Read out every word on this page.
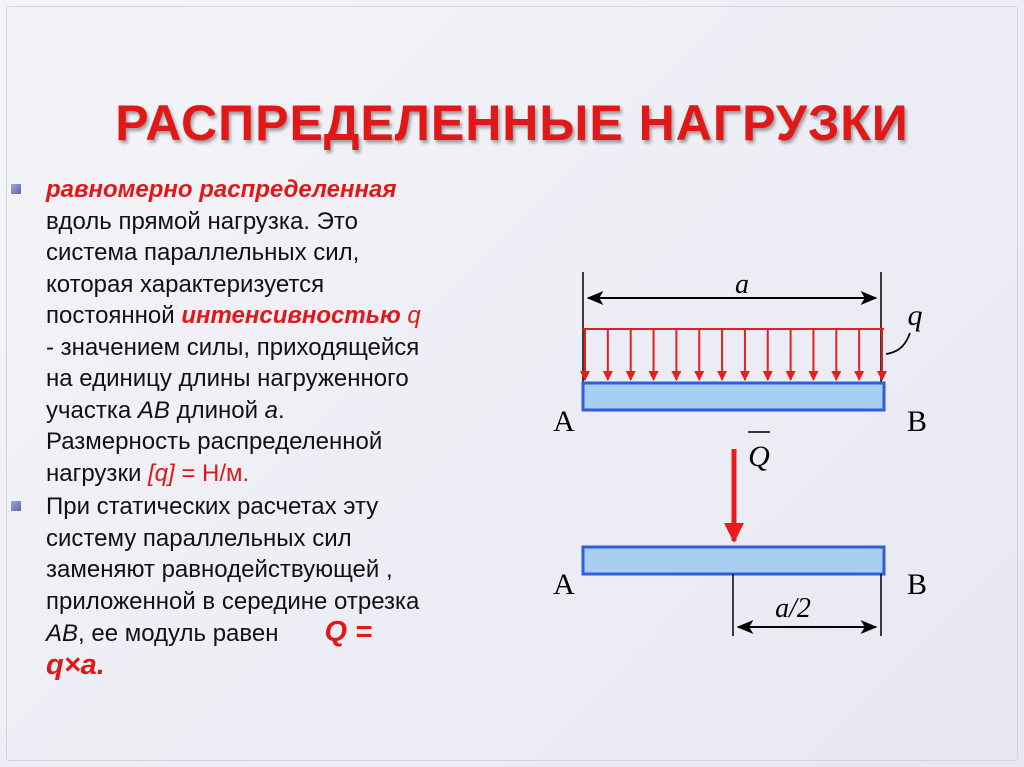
РАСПРЕДЕЛЕННЫЕ НАГРУЗКИ
равномерно распределенная
вдоль прямой нагрузка. Это
система параллельных сил,
которая характеризуется
постоянной интенсивностью q
- значением силы, приходящейся
на единицу длины нагруженного
участка AB длиной a.
Размерность распределенной
нагрузки [q] = Н/м.
При статических расчетах эту
систему параллельных сил
заменяют равнодействующей ,
приложенной в середине отрезка
AB, ее модуль равен Q =
q×a.
a
q
A	B
Q
A	B
a/2
